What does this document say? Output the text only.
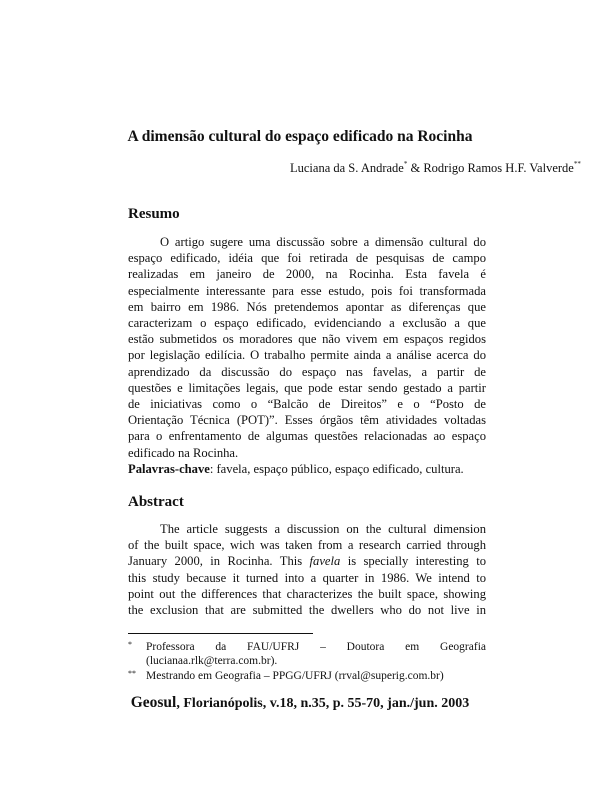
A dimensão cultural do espaço edificado na Rocinha
Luciana da S. Andrade* & Rodrigo Ramos H.F. Valverde**
Resumo
O artigo sugere uma discussão sobre a dimensão cultural do
espaço edificado, idéia que foi retirada de pesquisas de campo
realizadas em janeiro de 2000, na Rocinha. Esta favela é
especialmente interessante para esse estudo, pois foi transformada
em bairro em 1986. Nós pretendemos apontar as diferenças que
caracterizam o espaço edificado, evidenciando a exclusão a que
estão submetidos os moradores que não vivem em espaços regidos
por legislação edilícia. O trabalho permite ainda a análise acerca do
aprendizado da discussão do espaço nas favelas, a partir de
questões e limitações legais, que pode estar sendo gestado a partir
de iniciativas como o “Balcão de Direitos” e o “Posto de
Orientação Técnica (POT)”. Esses órgãos têm atividades voltadas
para o enfrentamento de algumas questões relacionadas ao espaço
edificado na Rocinha.
Palavras-chave: favela, espaço público, espaço edificado, cultura.
Abstract
The article suggests a discussion on the cultural dimension
of the built space, wich was taken from a research carried through
January 2000, in Rocinha. This favela is specially interesting to
this study because it turned into a quarter in 1986. We intend to
point out the differences that characterizes the built space, showing
the exclusion that are submitted the dwellers who do not live in
* Professora da FAU/UFRJ – Doutora em Geografia
(lucianaa.rlk@terra.com.br).
** Mestrando em Geografia – PPGG/UFRJ (rrval@superig.com.br)
Geosul, Florianópolis, v.18, n.35, p. 55-70, jan./jun. 2003
